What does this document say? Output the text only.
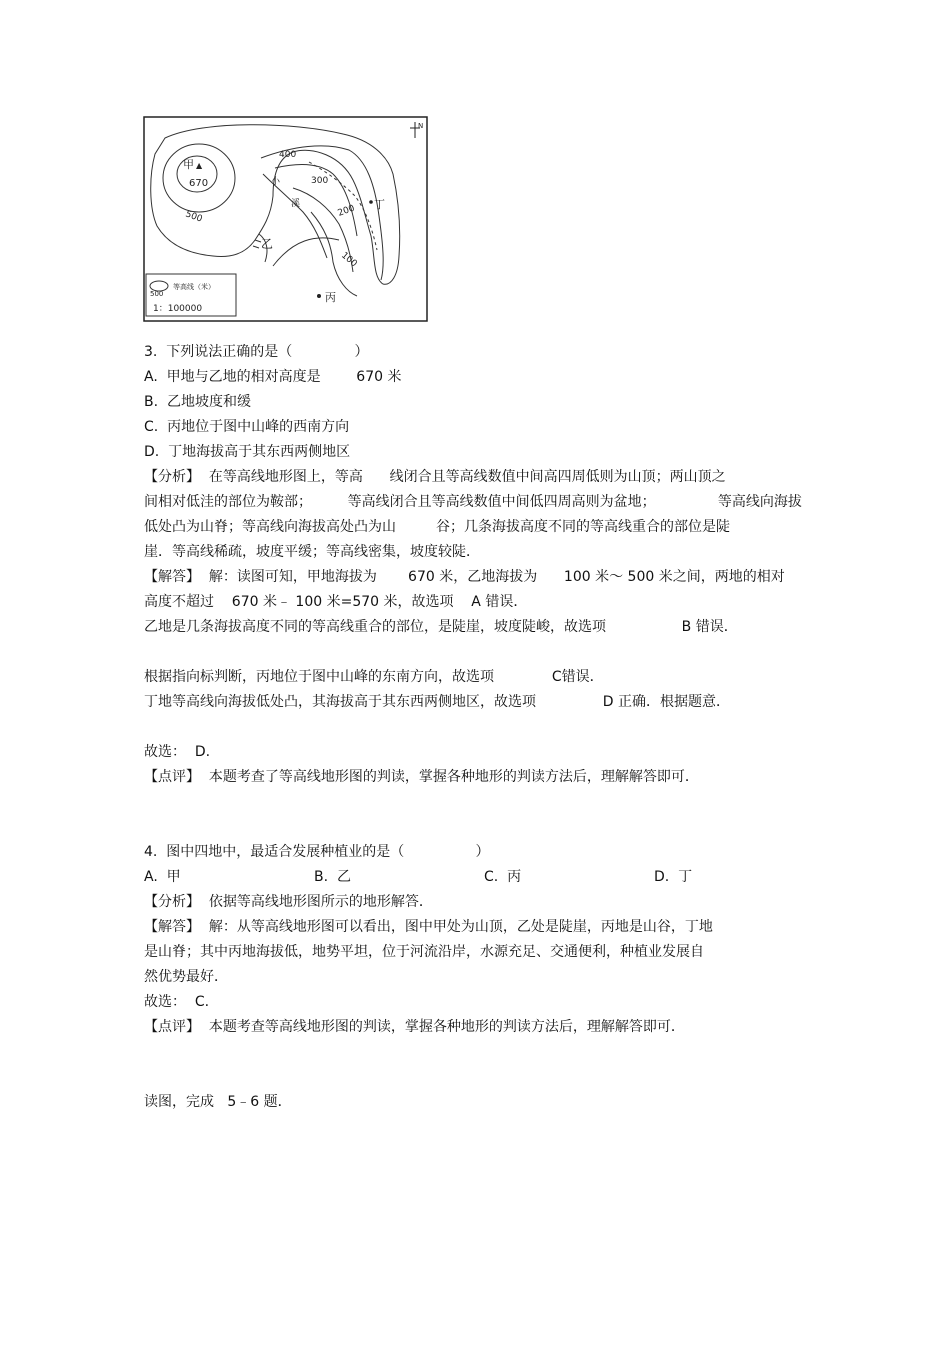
甲 ▲
670
500
400
300
200
100
小
溪
乙
丁
丙
N
500
等高线（米）
1：100000
3.  下列说法正确的是（              ）
A.  甲地与乙地的相对高度是        670 米
B.  乙地坡度和缓
C.  丙地位于图中山峰的西南方向
D.  丁地海拔高于其东西两侧地区
【分析】  在等高线地形图上，等高      线闭合且等高线数值中间高四周低则为山顶；两山顶之
间相对低洼的部位为鞍部；        等高线闭合且等高线数值中间低四周高则为盆地；              等高线向海拔
低处凸为山脊；等高线向海拔高处凸为山         谷；几条海拔高度不同的等高线重合的部位是陡
崖．等高线稀疏，坡度平缓；等高线密集，坡度较陡．
【解答】  解：读图可知，甲地海拔为       670 米，乙地海拔为      100 米～ 500 米之间，两地的相对
高度不超过    670 米﹣ 100 米=570 米，故选项    A 错误．
乙地是几条海拔高度不同的等高线重合的部位，是陡崖，坡度陡峻，故选项                 B 错误．
根据指向标判断，丙地位于图中山峰的东南方向，故选项             C错误．
丁地等高线向海拔低处凸，其海拔高于其东西两侧地区，故选项               D 正确．根据题意．
故选：  D.
【点评】  本题考查了等高线地形图的判读，掌握各种地形的判读方法后，理解解答即可．
4.  图中四地中，最适合发展种植业的是（                ）
A.  甲	B.  乙	C.  丙	D.  丁
【分析】  依据等高线地形图所示的地形解答．
【解答】  解：从等高线地形图可以看出，图中甲处为山顶，乙处是陡崖，丙地是山谷，丁地
是山脊；其中丙地海拔低，地势平坦，位于河流沿岸，水源充足、交通便利，种植业发展自
然优势最好．
故选：  C.
【点评】  本题考查等高线地形图的判读，掌握各种地形的判读方法后，理解解答即可．
读图，完成   5﹣6 题．
